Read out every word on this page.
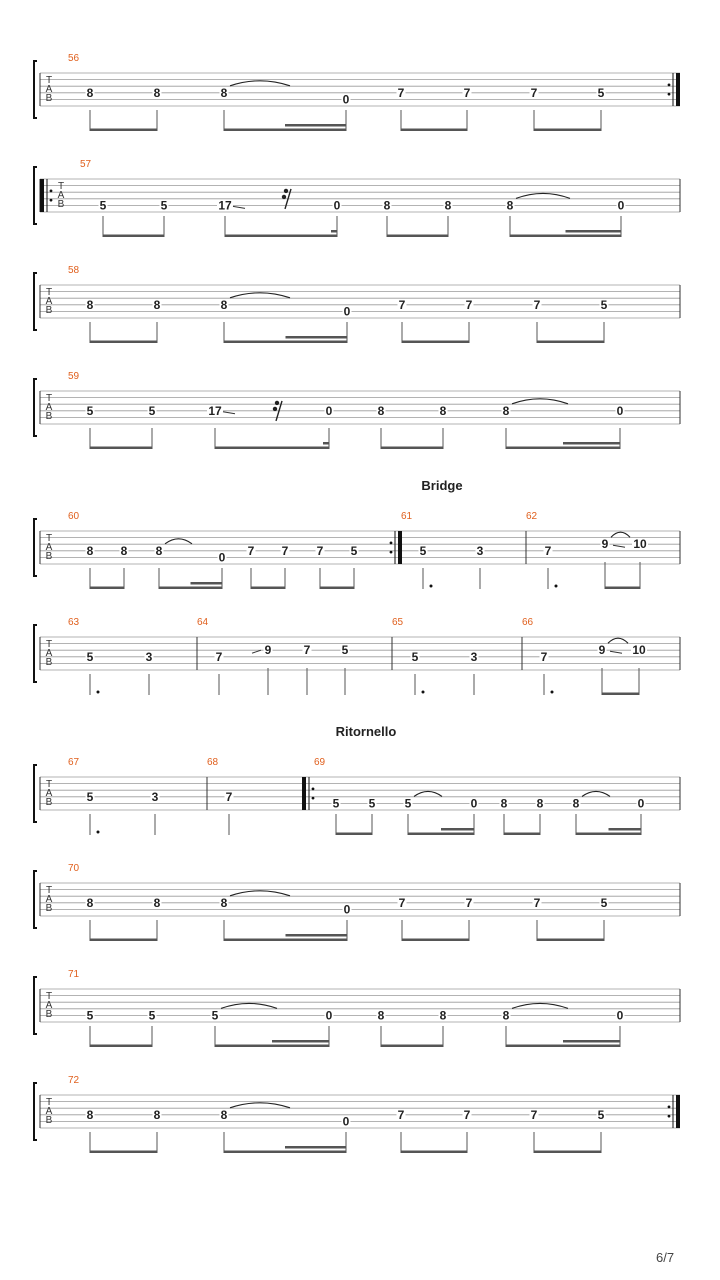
T
A
B
56
8	8	8	0	7	7	7	5
T
A
B
57
5	5	17	0	8	8	8	0
T
A
B
58
8	8	8	0	7	7	7	5
T
A
B
59
5	5	17	0	8	8	8	0
T
A
B
Bridge
60
8 8 8	0 7 7 7 5
61
5	3
62
7	9 10
T
A
B
63
5	3
64
7	9	7	5
65
5	3
66
7	9 10
T
A
B
Ritornello
67
5	3
68
7
69
5 5 5	0 8 8 8	0
T
A
B
70
8	8	8	0	7	7	7	5
T
A
B
71
5	5	5	0	8	8	8	0
T
A
B
72
8	8	8	0	7	7	7	5
6/7
